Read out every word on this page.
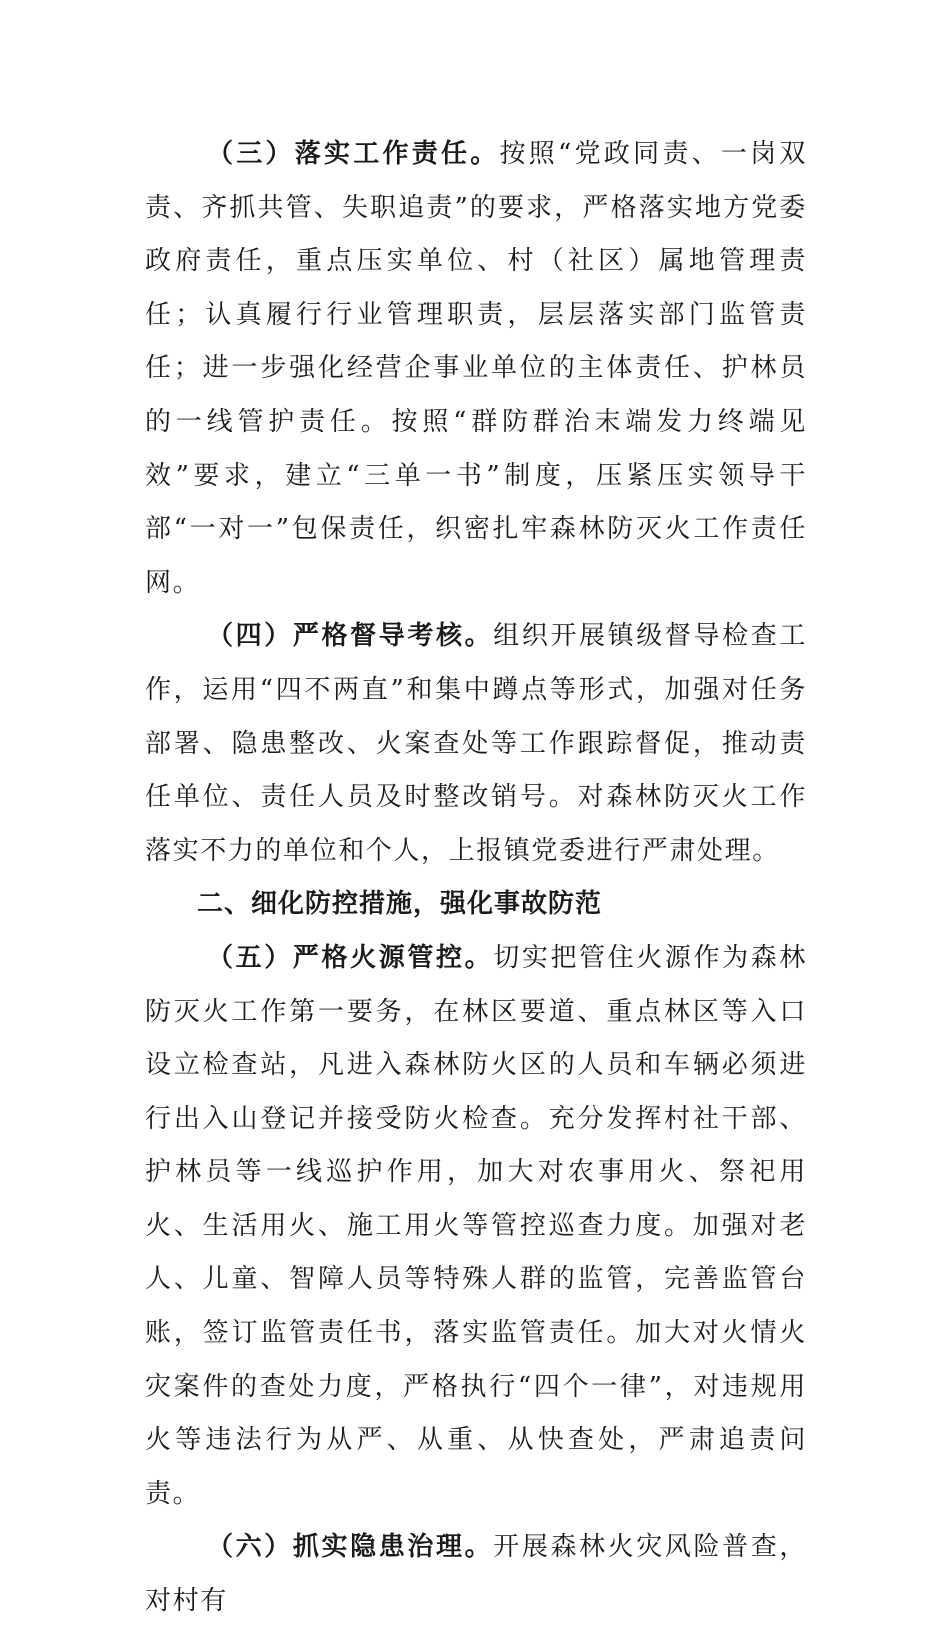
（三）落实工作责任。按照“党政同责、一岗双责、齐抓共管、失职追责”的要求，严格落实地方党委政府责任，重点压实单位、村（社区）属地管理责任；认真履行行业管理职责，层层落实部门监管责任；进一步强化经营企事业单位的主体责任、护林员的一线管护责任。按照“群防群治末端发力终端见效”要求，建立“三单一书”制度，压紧压实领导干部“一对一”包保责任，织密扎牢森林防灭火工作责任网。

（四）严格督导考核。组织开展镇级督导检查工作，运用“四不两直”和集中蹲点等形式，加强对任务部署、隐患整改、火案查处等工作跟踪督促，推动责任单位、责任人员及时整改销号。对森林防灭火工作落实不力的单位和个人，上报镇党委进行严肃处理。

二、细化防控措施，强化事故防范

（五）严格火源管控。切实把管住火源作为森林防灭火工作第一要务，在林区要道、重点林区等入口设立检查站，凡进入森林防火区的人员和车辆必须进行出入山登记并接受防火检查。充分发挥村社干部、护林员等一线巡护作用，加大对农事用火、祭祀用火、生活用火、施工用火等管控巡查力度。加强对老人、儿童、智障人员等特殊人群的监管，完善监管台账，签订监管责任书，落实监管责任。加大对火情火灾案件的查处力度，严格执行“四个一律”，对违规用火等违法行为从严、从重、从快查处，严肃追责问责。

（六）抓实隐患治理。开展森林火灾风险普查，对村有
